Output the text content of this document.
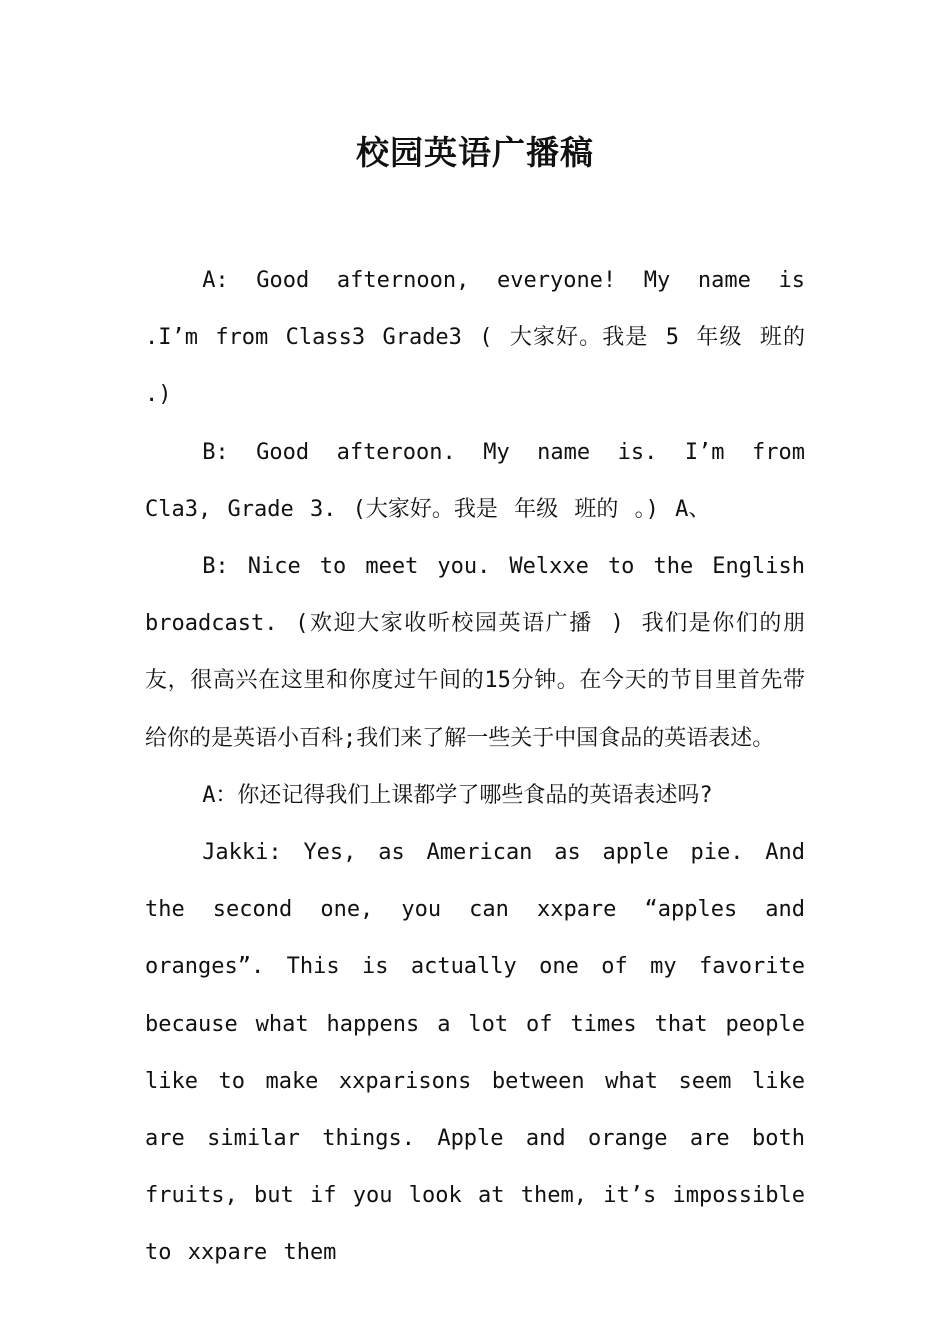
校园英语广播稿

A: Good afternoon, everyone! My name is .I’m from Class3 Grade3 ( 大家好。我是 5 年级 班的 .)

B: Good afteroon. My name is. I’m from Cla3, Grade 3. (大家好。我是 年级 班的 。) A、

B: Nice to meet you. Welxxe to the English broadcast. (欢迎大家收听校园英语广播 ) 我们是你们的朋友，很高兴在这里和你度过午间的15分钟。在今天的节目里首先带给你的是英语小百科;我们来了解一些关于中国食品的英语表述。

A：你还记得我们上课都学了哪些食品的英语表述吗?

Jakki: Yes, as American as apple pie. And the second one, you can xxpare “apples and oranges”. This is actually one of my favorite because what happens a lot of times that people like to make xxparisons between what seem like are similar things. Apple and orange are both fruits, but if you look at them, it’s impossible to xxpare them
